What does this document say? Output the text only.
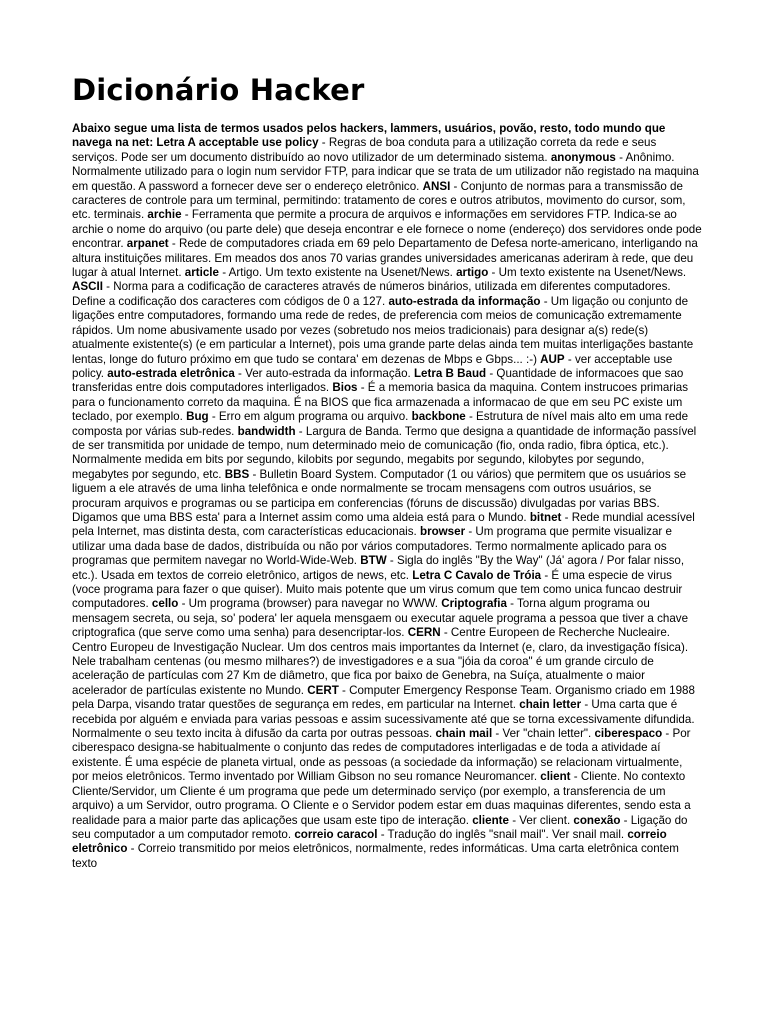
Dicionário Hacker

Abaixo segue uma lista de termos usados pelos hackers, lammers, usuários, povão, resto, todo mundo que navega na net: Letra A acceptable use policy - Regras de boa conduta para a utilização correta da rede e seus serviços. Pode ser um documento distribuído ao novo utilizador de um determinado sistema. anonymous - Anônimo. Normalmente utilizado para o login num servidor FTP, para indicar que se trata de um utilizador não registado na maquina em questão. A password a fornecer deve ser o endereço eletrônico. ANSI - Conjunto de normas para a transmissão de caracteres de controle para um terminal, permitindo: tratamento de cores e outros atributos, movimento do cursor, som, etc. terminais. archie - Ferramenta que permite a procura de arquivos e informações em servidores FTP. Indica-se ao archie o nome do arquivo (ou parte dele) que deseja encontrar e ele fornece o nome (endereço) dos servidores onde pode encontrar. arpanet - Rede de computadores criada em 69 pelo Departamento de Defesa norte-americano, interligando na altura instituições militares. Em meados dos anos 70 varias grandes universidades americanas aderiram à rede, que deu lugar à atual Internet. article - Artigo. Um texto existente na Usenet/News. artigo - Um texto existente na Usenet/News. ASCII - Norma para a codificação de caracteres através de números binários, utilizada em diferentes computadores. Define a codificação dos caracteres com códigos de 0 a 127. auto-estrada da informação - Um ligação ou conjunto de ligações entre computadores, formando uma rede de redes, de preferencia com meios de comunicação extremamente rápidos. Um nome abusivamente usado por vezes (sobretudo nos meios tradicionais) para designar a(s) rede(s) atualmente existente(s) (e em particular a Internet), pois uma grande parte delas ainda tem muitas interligações bastante lentas, longe do futuro próximo em que tudo se contara' em dezenas de Mbps e Gbps... :-) AUP - ver acceptable use policy. auto-estrada eletrônica - Ver auto-estrada da informação. Letra B Baud - Quantidade de informacoes que sao transferidas entre dois computadores interligados. Bios - É a memoria basica da maquina. Contem instrucoes primarias para o funcionamento correto da maquina. É na BIOS que fica armazenada a informacao de que em seu PC existe um teclado, por exemplo. Bug - Erro em algum programa ou arquivo. backbone - Estrutura de nível mais alto em uma rede composta por várias sub-redes. bandwidth - Largura de Banda. Termo que designa a quantidade de informação passível de ser transmitida por unidade de tempo, num determinado meio de comunicação (fio, onda radio, fibra óptica, etc.). Normalmente medida em bits por segundo, kilobits por segundo, megabits por segundo, kilobytes por segundo, megabytes por segundo, etc. BBS - Bulletin Board System. Computador (1 ou vários) que permitem que os usuários se liguem a ele através de uma linha telefônica e onde normalmente se trocam mensagens com outros usuários, se procuram arquivos e programas ou se participa em conferencias (fóruns de discussão) divulgadas por varias BBS. Digamos que uma BBS esta' para a Internet assim como uma aldeia está para o Mundo. bitnet - Rede mundial acessível pela Internet, mas distinta desta, com características educacionais. browser - Um programa que permite visualizar e utilizar uma dada base de dados, distribuída ou não por vários computadores. Termo normalmente aplicado para os programas que permitem navegar no World-Wide-Web. BTW - Sigla do inglês "By the Way" (Já' agora / Por falar nisso, etc.). Usada em textos de correio eletrônico, artigos de news, etc. Letra C Cavalo de Tróia - É uma especie de virus (voce programa para fazer o que quiser). Muito mais potente que um virus comum que tem como unica funcao destruir computadores. cello - Um programa (browser) para navegar no WWW. Criptografia - Torna algum programa ou mensagem secreta, ou seja, so' podera' ler aquela mensgaem ou executar aquele programa a pessoa que tiver a chave criptografica (que serve como uma senha) para desencriptar-los. CERN - Centre Europeen de Recherche Nucleaire. Centro Europeu de Investigação Nuclear. Um dos centros mais importantes da Internet (e, claro, da investigação física). Nele trabalham centenas (ou mesmo milhares?) de investigadores e a sua "jóia da coroa" é um grande circulo de aceleração de partículas com 27 Km de diâmetro, que fica por baixo de Genebra, na Suíça, atualmente o maior acelerador de partículas existente no Mundo. CERT - Computer Emergency Response Team. Organismo criado em 1988 pela Darpa, visando tratar questões de segurança em redes, em particular na Internet. chain letter - Uma carta que é recebida por alguém e enviada para varias pessoas e assim sucessivamente até que se torna excessivamente difundida. Normalmente o seu texto incita à difusão da carta por outras pessoas. chain mail - Ver "chain letter". ciberespaco - Por ciberespaco designa-se habitualmente o conjunto das redes de computadores interligadas e de toda a atividade aí existente. É uma espécie de planeta virtual, onde as pessoas (a sociedade da informação) se relacionam virtualmente, por meios eletrônicos. Termo inventado por William Gibson no seu romance Neuromancer. client - Cliente. No contexto Cliente/Servidor, um Cliente é um programa que pede um determinado serviço (por exemplo, a transferencia de um arquivo) a um Servidor, outro programa. O Cliente e o Servidor podem estar em duas maquinas diferentes, sendo esta a realidade para a maior parte das aplicações que usam este tipo de interação. cliente - Ver client. conexão - Ligação do seu computador a um computador remoto. correio caracol - Tradução do inglês "snail mail". Ver snail mail. correio eletrônico - Correio transmitido por meios eletrônicos, normalmente, redes informáticas. Uma carta eletrônica contem texto
